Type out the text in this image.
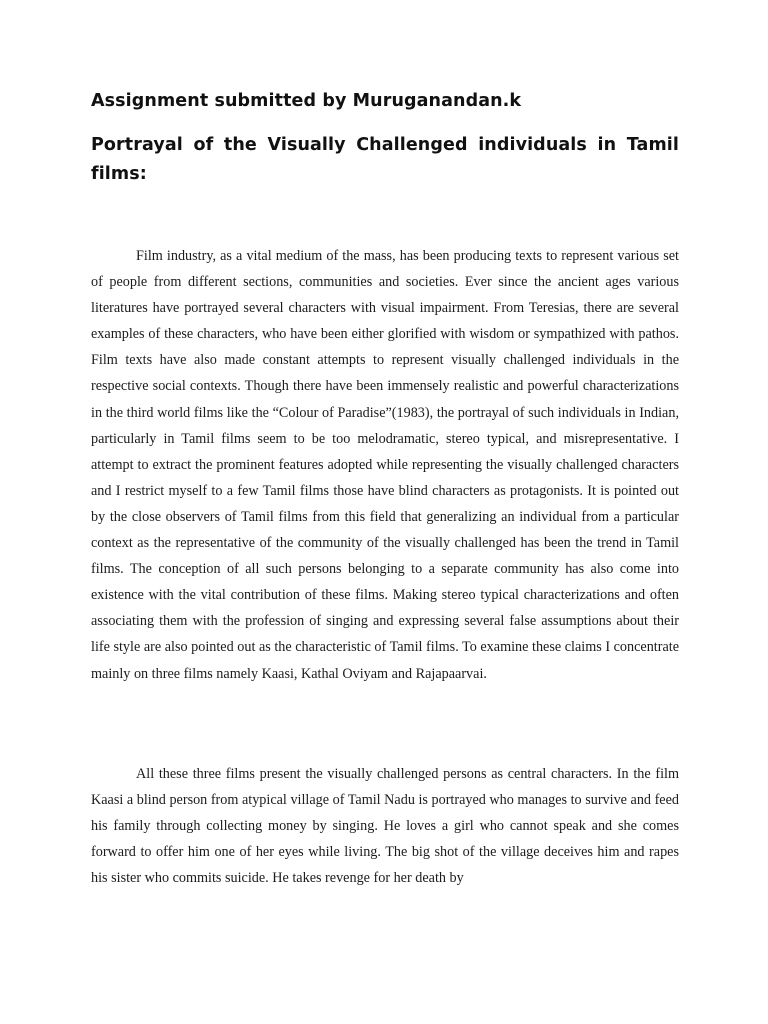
Assignment submitted by Muruganandan.k
Portrayal of the Visually Challenged individuals in Tamil films:

Film industry, as a vital medium of the mass, has been producing texts to represent various set of people from different sections, communities and societies. Ever since the ancient ages various literatures have portrayed several characters with visual impairment. From Teresias, there are several examples of these characters, who have been either glorified with wisdom or sympathized with pathos. Film texts have also made constant attempts to represent visually challenged individuals in the respective social contexts. Though there have been immensely realistic and powerful characterizations in the third world films like the “Colour of Paradise”(1983), the portrayal of such individuals in Indian, particularly in Tamil films seem to be too melodramatic, stereo typical, and misrepresentative. I attempt to extract the prominent features adopted while representing the visually challenged characters and I restrict myself to a few Tamil films those have blind characters as protagonists. It is pointed out by the close observers of Tamil films from this field that generalizing an individual from a particular context as the representative of the community of the visually challenged has been the trend in Tamil films. The conception of all such persons belonging to a separate community has also come into existence with the vital contribution of these films. Making stereo typical characterizations and often associating them with the profession of singing and expressing several false assumptions about their life style are also pointed out as the characteristic of Tamil films. To examine these claims I concentrate mainly on three films namely Kaasi, Kathal Oviyam and Rajapaarvai.

All these three films present the visually challenged persons as central characters. In the film Kaasi a blind person from atypical village of Tamil Nadu is portrayed who manages to survive and feed his family through collecting money by singing. He loves a girl who cannot speak and she comes forward to offer him one of her eyes while living. The big shot of the village deceives him and rapes his sister who commits suicide. He takes revenge for her death by
